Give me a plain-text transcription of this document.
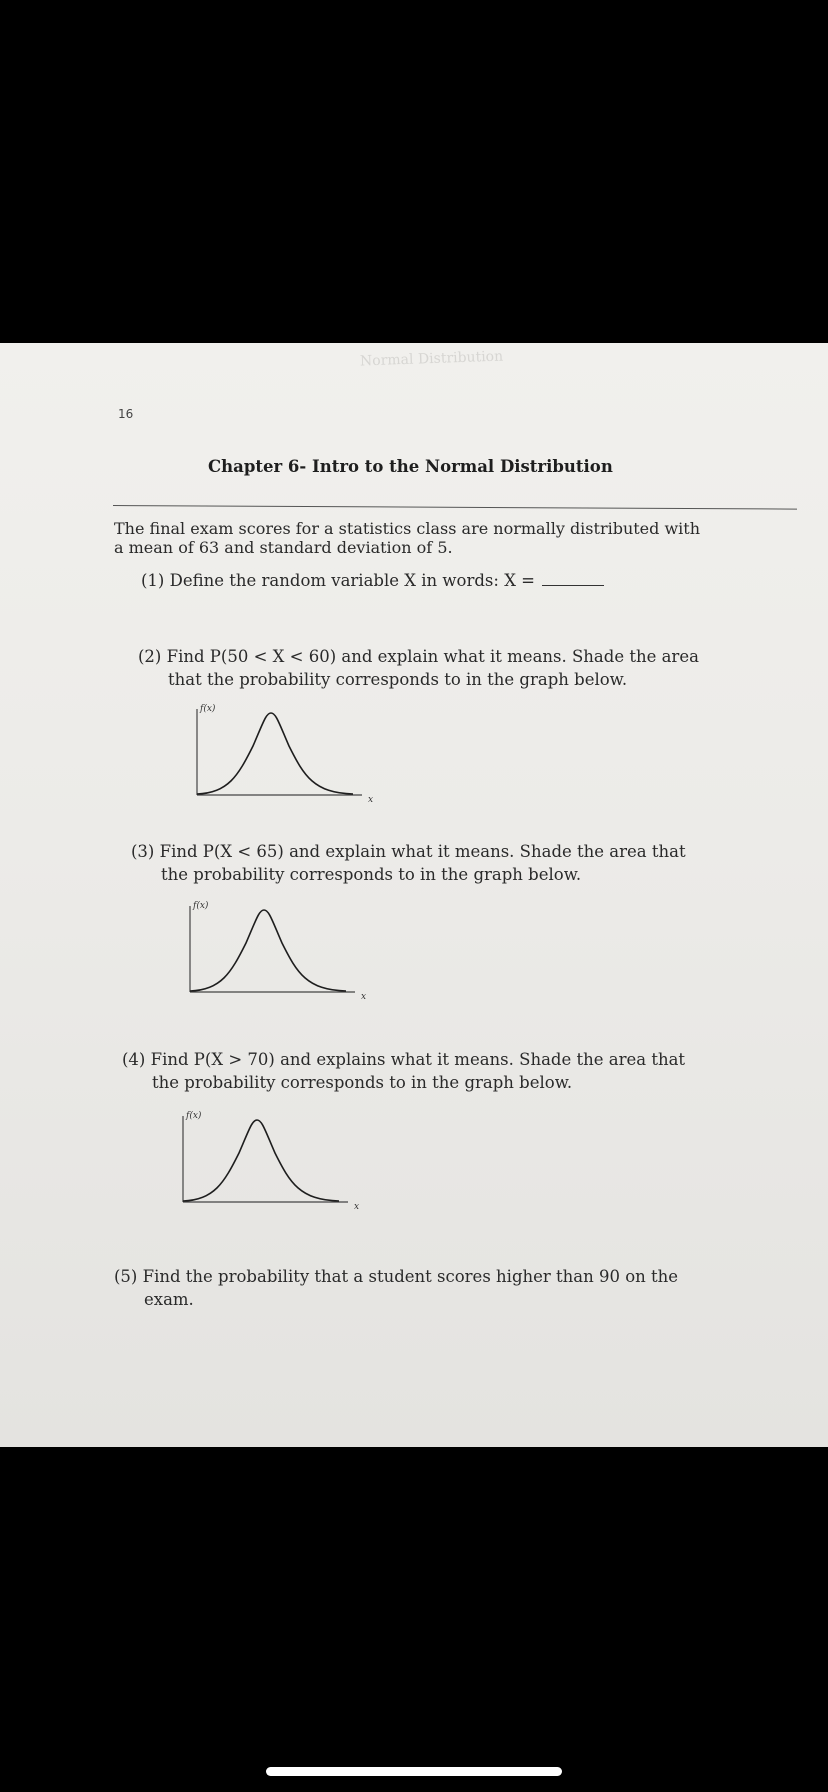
Normal Distribution
16
Chapter 6- Intro to the Normal Distribution
The final exam scores for a statistics class are normally distributed with a mean of 63 and standard deviation of 5.
(1) Define the random variable X in words: X =
(2) Find P(50 < X < 60) and explain what it means. Shade the area
that the probability corresponds to in the graph below.
f(x)
x
(3) Find P(X < 65) and explain what it means. Shade the area that
the probability corresponds to in the graph below.
f(x)
x
(4) Find P(X > 70) and explains what it means. Shade the area that
the probability corresponds to in the graph below.
f(x)
x
(5) Find the probability that a student scores higher than 90 on the
exam.
